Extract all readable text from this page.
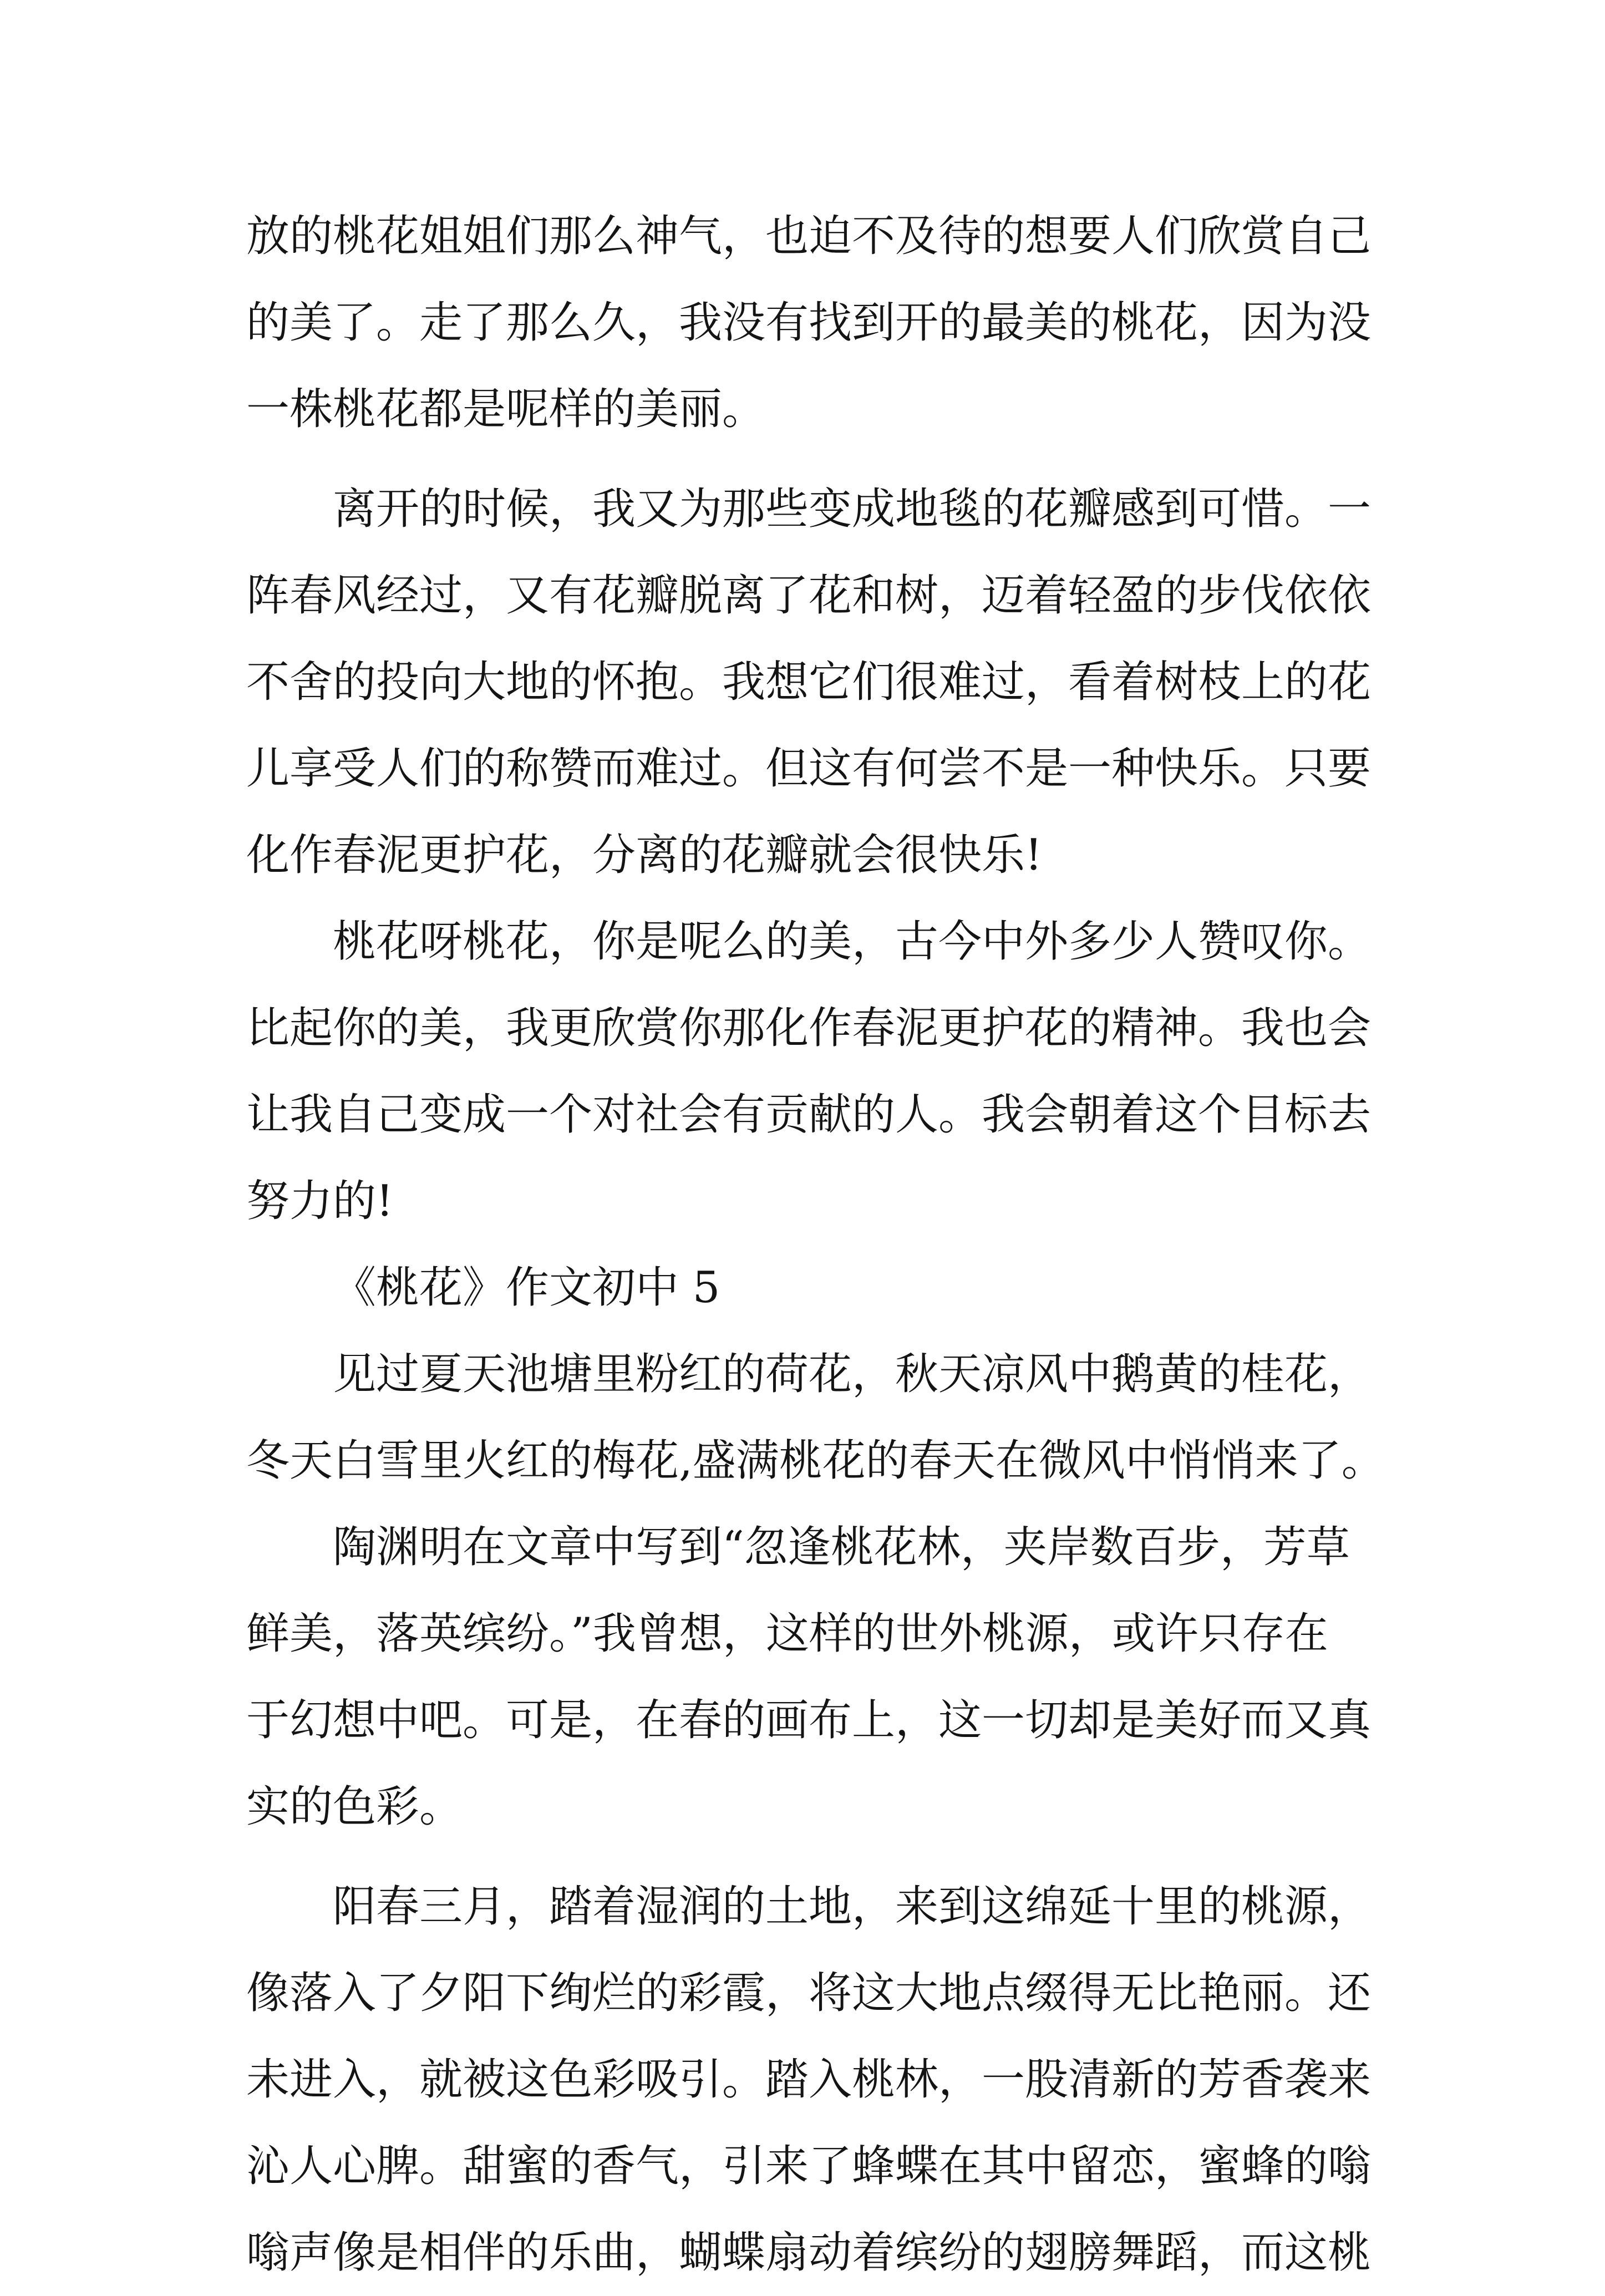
放的桃花姐姐们那么神气，也迫不及待的想要人们欣赏自己
的美了。走了那么久，我没有找到开的最美的桃花，因为没
一株桃花都是呢样的美丽。
离开的时候，我又为那些变成地毯的花瓣感到可惜。一
阵春风经过，又有花瓣脱离了花和树，迈着轻盈的步伐依依
不舍的投向大地的怀抱。我想它们很难过，看着树枝上的花
儿享受人们的称赞而难过。但这有何尝不是一种快乐。只要
化作春泥更护花，分离的花瓣就会很快乐!
桃花呀桃花，你是呢么的美，古今中外多少人赞叹你。
比起你的美，我更欣赏你那化作春泥更护花的精神。我也会
让我自己变成一个对社会有贡献的人。我会朝着这个目标去
努力的!
《桃花》作文初中 5
见过夏天池塘里粉红的荷花，秋天凉风中鹅黄的桂花，
冬天白雪里火红的梅花,盛满桃花的春天在微风中悄悄来了。
陶渊明在文章中写到“忽逢桃花林，夹岸数百步，芳草
鲜美，落英缤纷。”我曾想，这样的世外桃源，或许只存在
于幻想中吧。可是，在春的画布上，这一切却是美好而又真
实的色彩。
阳春三月，踏着湿润的土地，来到这绵延十里的桃源，
像落入了夕阳下绚烂的彩霞，将这大地点缀得无比艳丽。还
未进入，就被这色彩吸引。踏入桃林，一股清新的芳香袭来
沁人心脾。甜蜜的香气，引来了蜂蝶在其中留恋，蜜蜂的嗡
嗡声像是相伴的乐曲，蝴蝶扇动着缤纷的翅膀舞蹈，而这桃
